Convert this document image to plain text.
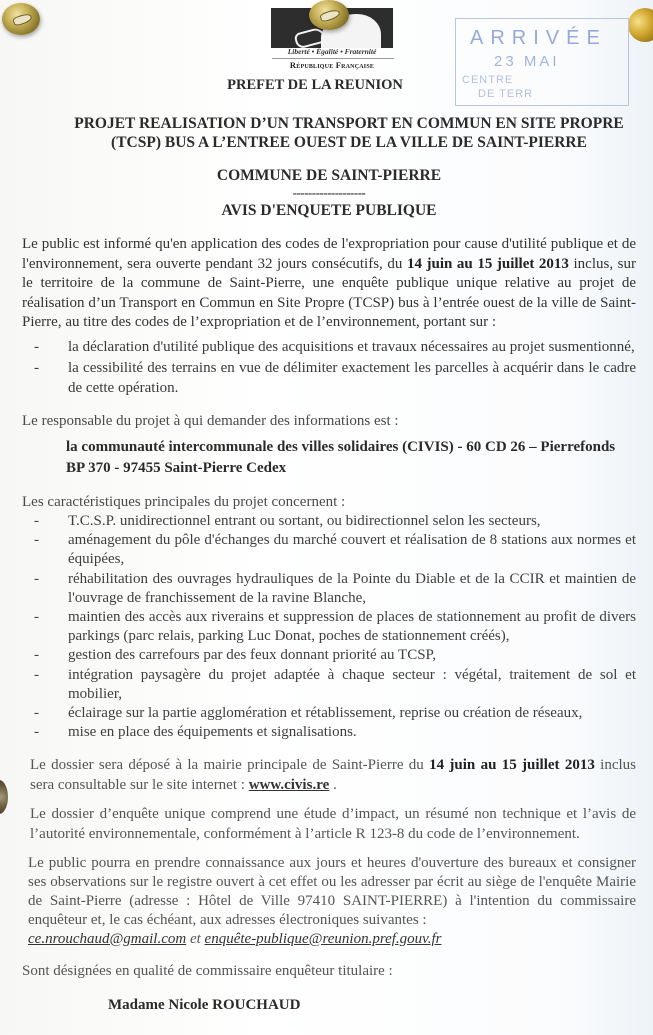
Liberté • Égalité • Fraternité
République Française
PREFET DE LA REUNION
ARRIVÉE
23 MAI
CENTRE
DE TERR
PROJET REALISATION D’UN TRANSPORT EN COMMUN EN SITE PROPRE
(TCSP) BUS A L’ENTREE OUEST DE LA VILLE DE SAINT-PIERRE
COMMUNE DE SAINT-PIERRE
-------------------
AVIS D'ENQUETE PUBLIQUE
Le public est informé qu'en application des codes de l'expropriation pour cause d'utilité publique et de l'environnement, sera ouverte pendant 32 jours consécutifs, du 14 juin au 15 juillet 2013 inclus, sur le territoire de la commune de Saint-Pierre, une enquête publique unique relative au projet de réalisation d’un Transport en Commun en Site Propre (TCSP) bus à l’entrée ouest de la ville de Saint-Pierre, au titre des codes de l’expropriation et de l’environnement, portant sur :
- la déclaration d'utilité publique des acquisitions et travaux nécessaires au projet susmentionné,
- la cessibilité des terrains en vue de délimiter exactement les parcelles à acquérir dans le cadre de cette opération.
Le responsable du projet à qui demander des informations est :
la communauté intercommunale des villes solidaires (CIVIS) - 60 CD 26 – Pierrefonds
BP 370 - 97455 Saint-Pierre Cedex
Les caractéristiques principales du projet concernent :
- T.C.S.P. unidirectionnel entrant ou sortant, ou bidirectionnel selon les secteurs,
- aménagement du pôle d'échanges du marché couvert et réalisation de 8 stations aux normes et équipées,
- réhabilitation des ouvrages hydrauliques de la Pointe du Diable et de la CCIR et maintien de l'ouvrage de franchissement de la ravine Blanche,
- maintien des accès aux riverains et suppression de places de stationnement au profit de divers parkings (parc relais, parking Luc Donat, poches de stationnement créés),
- gestion des carrefours par des feux donnant priorité au TCSP,
- intégration paysagère du projet adaptée à chaque secteur : végétal, traitement de sol et mobilier,
- éclairage sur la partie agglomération et rétablissement, reprise ou création de réseaux,
- mise en place des équipements et signalisations.
Le dossier sera déposé à la mairie principale de Saint-Pierre du 14 juin au 15 juillet 2013 inclus sera consultable sur le site internet : www.civis.re .
Le dossier d’enquête unique comprend une étude d’impact, un résumé non technique et l’avis de l’autorité environnementale, conformément à l’article R 123-8 du code de l’environnement.
Le public pourra en prendre connaissance aux jours et heures d'ouverture des bureaux et consigner ses observations sur le registre ouvert à cet effet ou les adresser par écrit au siège de l'enquête Mairie de Saint-Pierre (adresse : Hôtel de Ville 97410 SAINT-PIERRE) à l'intention du commissaire enquêteur et, le cas échéant, aux adresses électroniques suivantes :
ce.nrouchaud@gmail.com et enquête-publique@reunion.pref.gouv.fr
Sont désignées en qualité de commissaire enquêteur titulaire :
Madame Nicole ROUCHAUD
